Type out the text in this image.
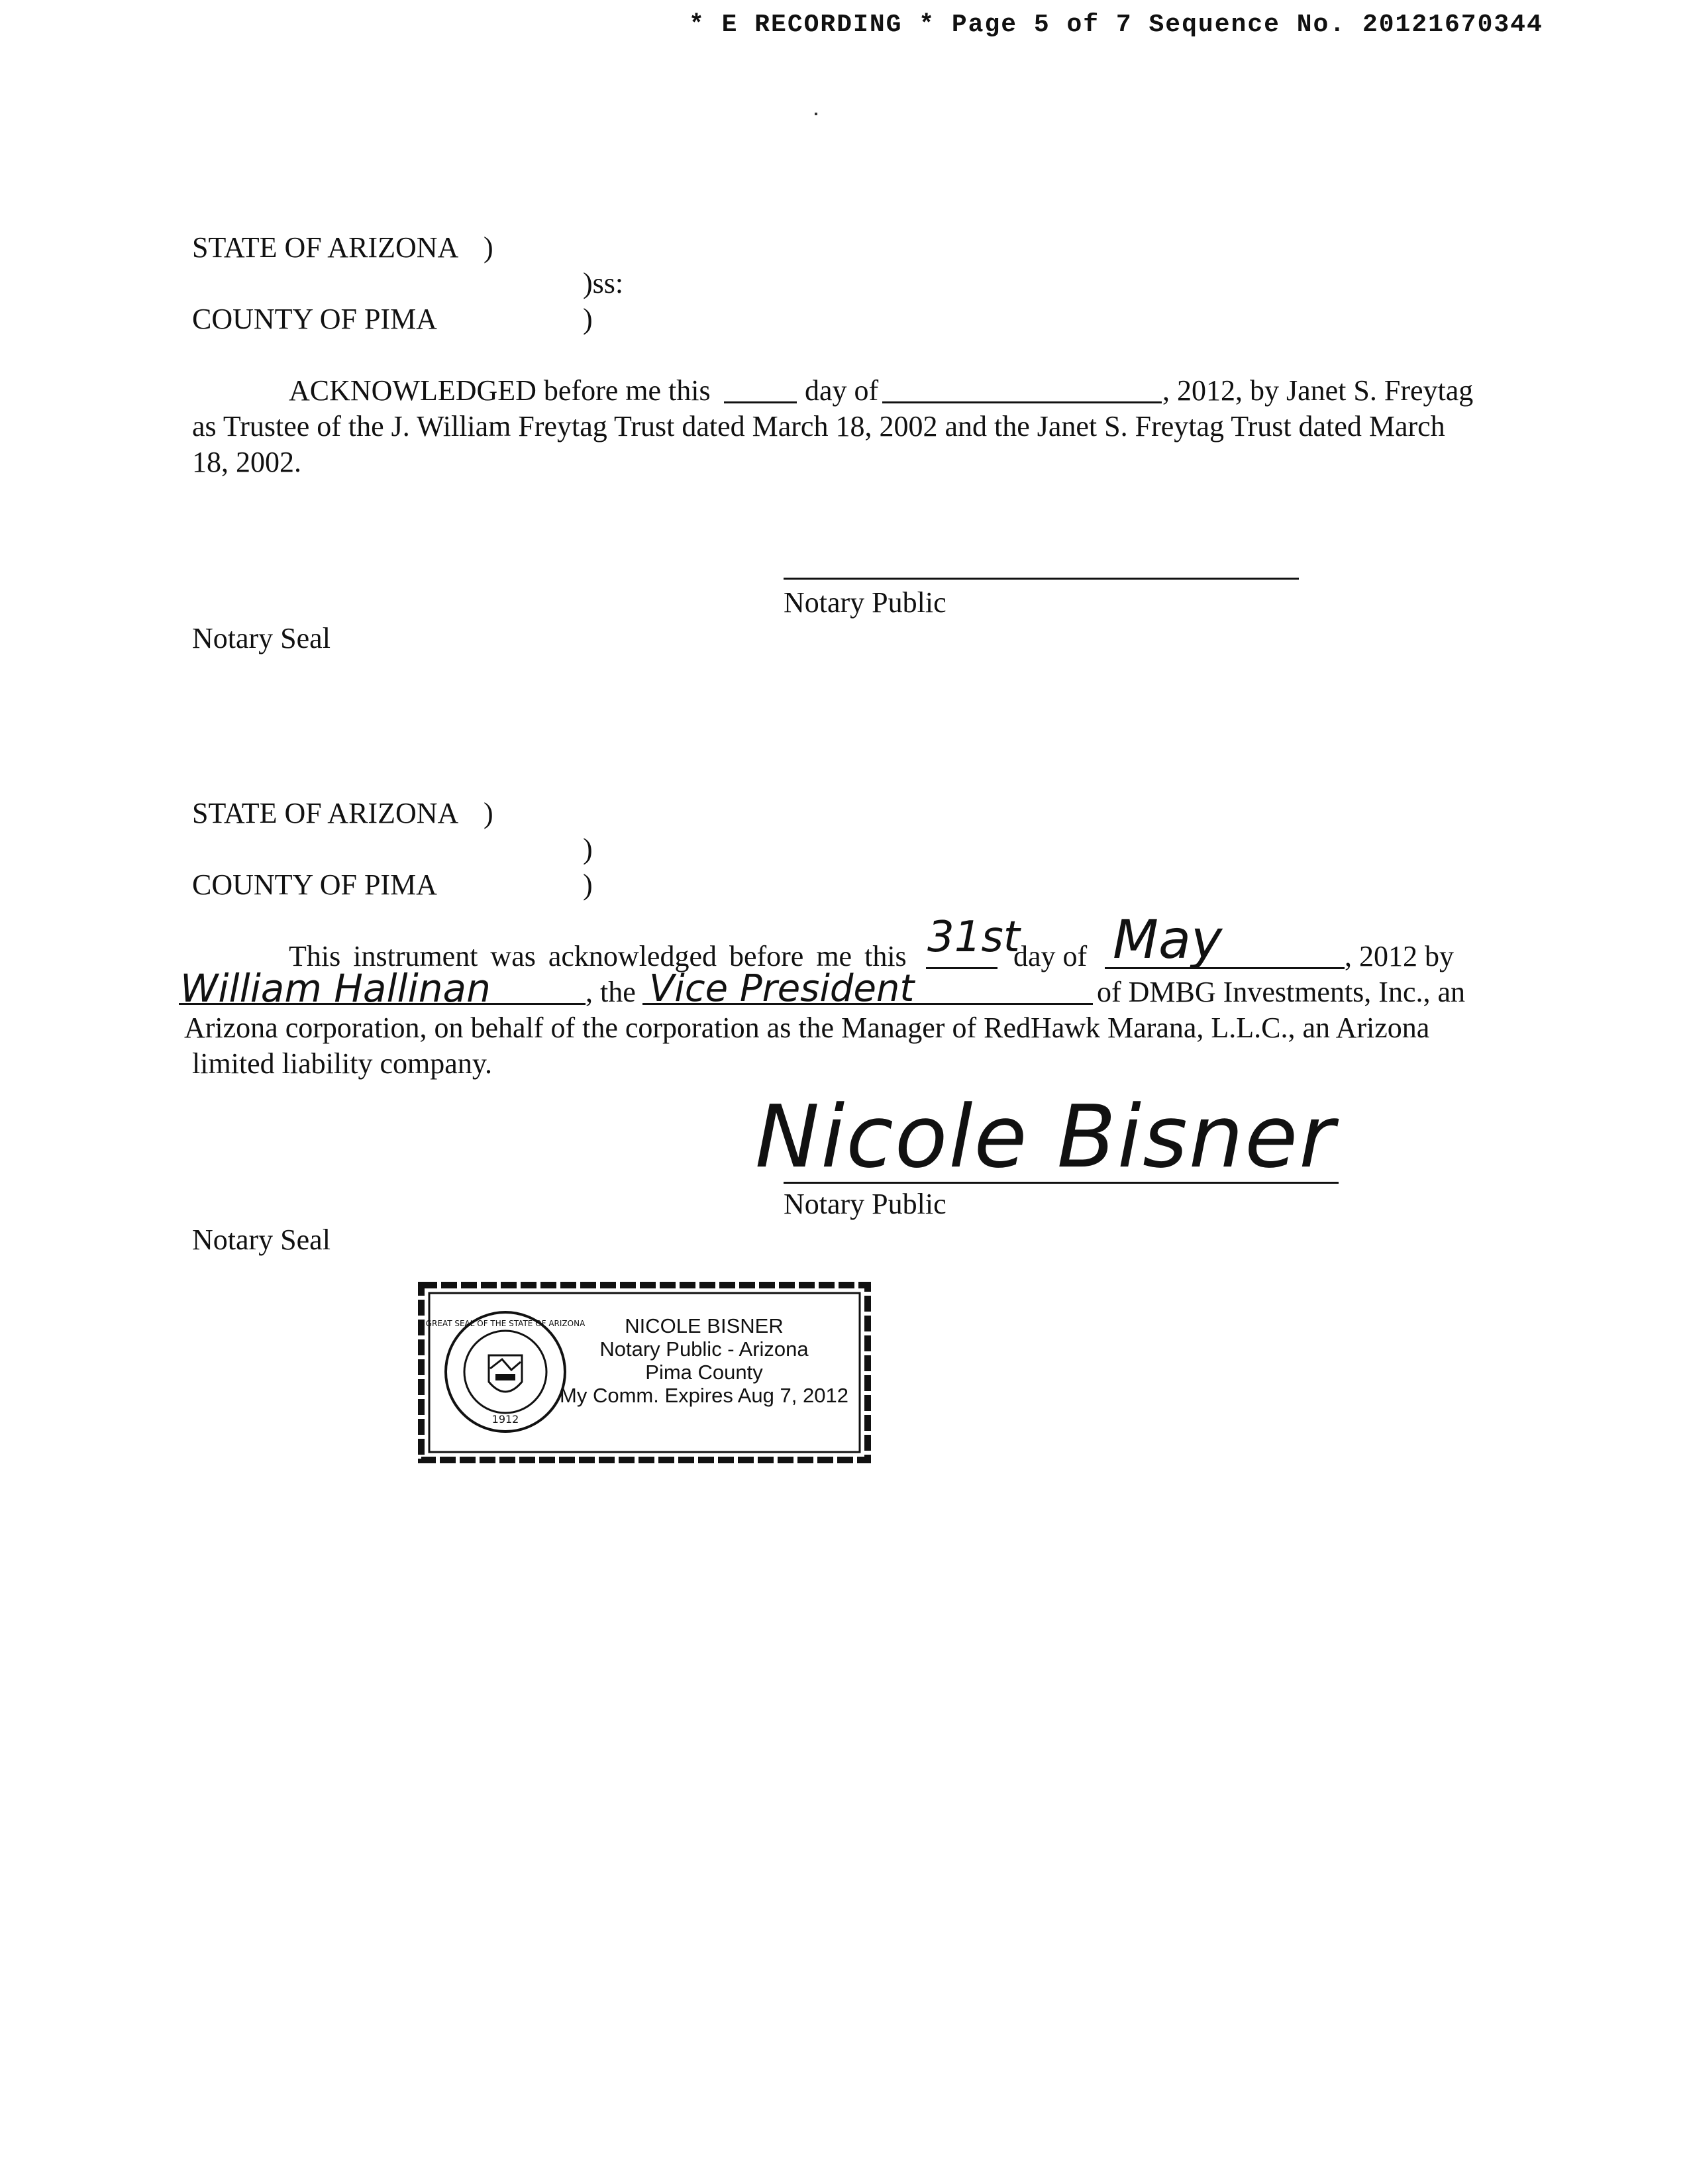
* E RECORDING * Page 5 of 7 Sequence No. 20121670344
STATE OF ARIZONA )
)ss:
COUNTY OF PIMA	)
ACKNOWLEDGED before me this	day of	, 2012, by Janet S. Freytag
as Trustee of the J. William Freytag Trust dated March 18, 2002 and the Janet S. Freytag Trust dated March
18, 2002.
Notary Public
Notary Seal
STATE OF ARIZONA )
)
COUNTY OF PIMA	)
This instrument was acknowledged before me this 31st
day of May	, 2012 by
William Hallinan	, the Vice President	of DMBG Investments, Inc., an
Arizona corporation, on behalf of the corporation as the Manager of RedHawk Marana, L.L.C., an Arizona
limited liability company.
Nicole Bisner
Notary Public
Notary Seal
GREAT SEAL OF THE STATE OF ARIZONA
1912
NICOLE BISNER
Notary Public - Arizona
Pima County
My Comm. Expires Aug 7, 2012
